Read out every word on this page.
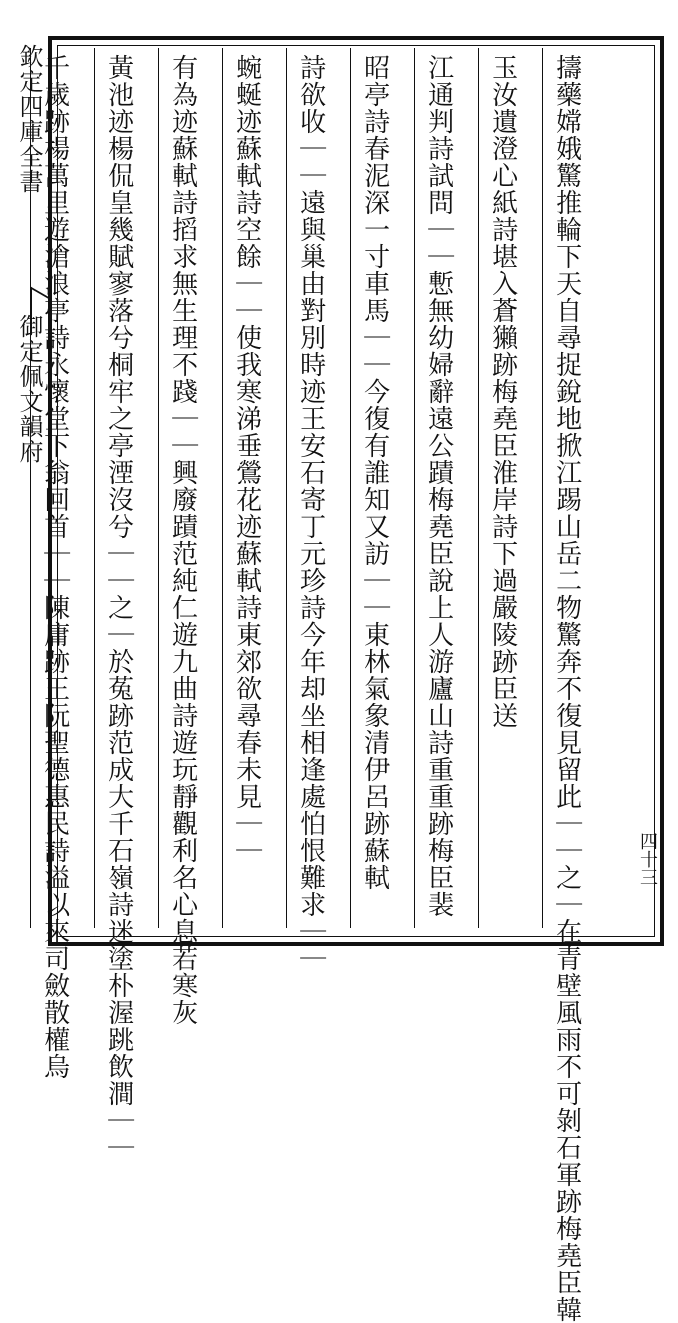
欽定四庫全書
御定佩文韻府	擣藥嫦娥驚推輪下天自尋捉銳地掀江踢山岳二物驚奔不復見留此｜｜之｜在青壁風雨不可剝石軍跡梅堯臣韓
玉汝遺澄心紙詩堪入蒼獺跡梅堯臣淮岸詩下過嚴陵跡臣送
江通判詩試問｜｜慙無幼婦辭遠公蹟梅堯臣說上人游廬山詩重重跡梅臣裴
昭亭詩春泥深一寸車馬｜｜今復有誰知又訪｜｜東林氣象清伊呂跡蘇軾
詩欲收｜｜遠與巢由對別時迹王安石寄丁元珍詩今年却坐相逢處怕恨難求｜｜
蜿蜒迹蘇軾詩空餘｜｜使我寒涕垂鶯花迹蘇軾詩東郊欲尋春未見｜｜
有為迹蘇軾詩搯求無生理不踐｜｜興廢蹟范純仁遊九曲詩遊玩靜觀利名心息若寒灰
黃池迹楊侃皇幾賦寥落兮桐牢之亭湮沒兮｜｜之｜於菟跡范成大千石嶺詩迷塗朴渥跳飲澗｜｜
千歲跡楊萬里遊滄浪亭詩永懷堂下翁回首｜｜陳庸跡王阮聖德惠民詩溢以來司斂散權烏	四十三
